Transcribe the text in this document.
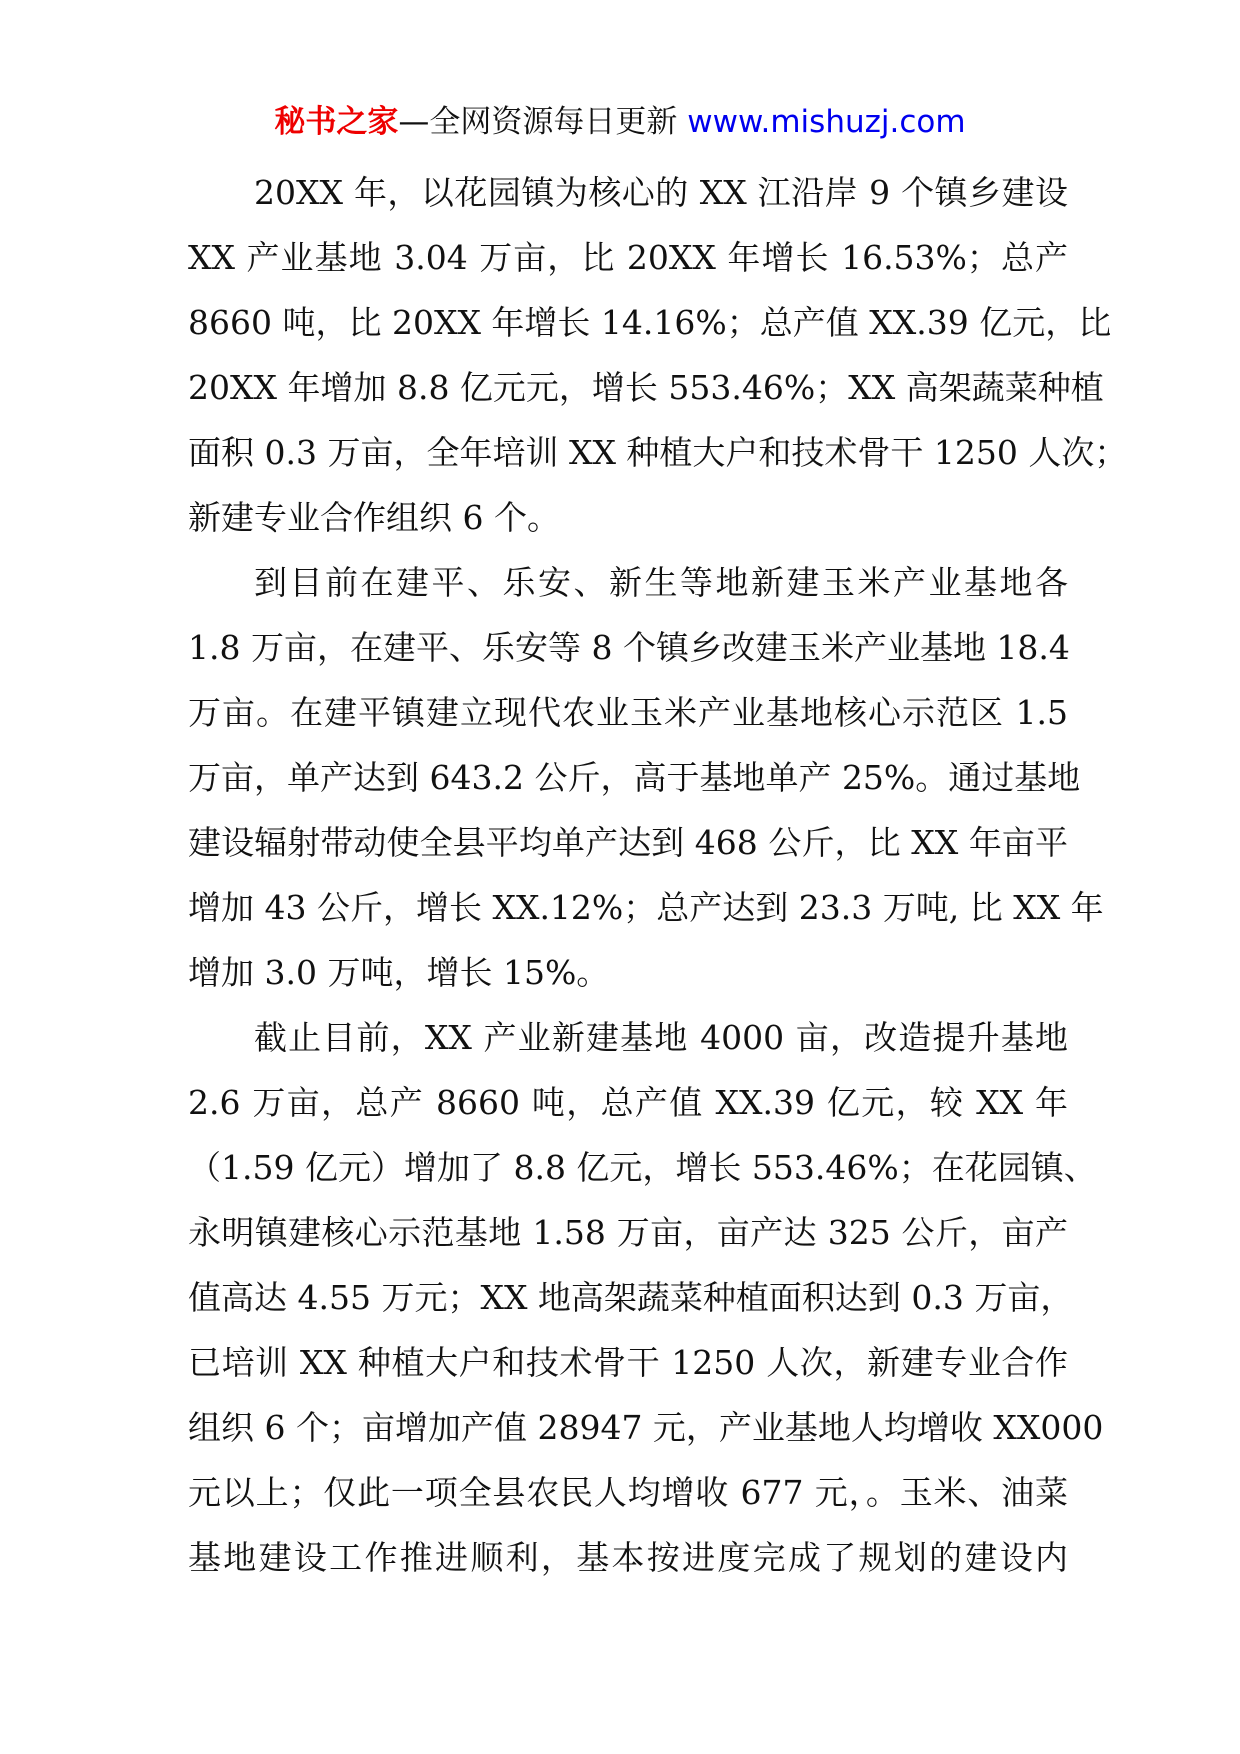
秘书之家—全网资源每日更新 www.mishuzj.com
20XX 年，以花园镇为核心的 XX 江沿岸 9 个镇乡建设
XX 产业基地 3.04 万亩，比 20XX 年增长 16.53%；总产
8660 吨，比 20XX 年增长 14.16%；总产值 XX.39 亿元，比
20XX 年增加 8.8 亿元元，增长 553.46%；XX 高架蔬菜种植
面积 0.3 万亩，全年培训 XX 种植大户和技术骨干 1250 人次；
新建专业合作组织 6 个。
到目前在建平、乐安、新生等地新建玉米产业基地各
1.8 万亩，在建平、乐安等 8 个镇乡改建玉米产业基地 18.4
万亩。在建平镇建立现代农业玉米产业基地核心示范区 1.5
万亩，单产达到 643.2 公斤，高于基地单产 25%。通过基地
建设辐射带动使全县平均单产达到 468 公斤，比 XX 年亩平
增加 43 公斤，增长 XX.12%；总产达到 23.3 万吨, 比 XX 年
增加 3.0 万吨，增长 15%。
截止目前，XX 产业新建基地 4000 亩，改造提升基地
2.6 万亩，总产 8660 吨，总产值 XX.39 亿元，较 XX 年
（1.59 亿元）增加了 8.8 亿元，增长 553.46%；在花园镇、
永明镇建核心示范基地 1.58 万亩，亩产达 325 公斤，亩产
值高达 4.55 万元；XX 地高架蔬菜种植面积达到 0.3 万亩，
已培训 XX 种植大户和技术骨干 1250 人次，新建专业合作
组织 6 个；亩增加产值 28947 元，产业基地人均增收 XX000
元以上；仅此一项全县农民人均增收 677 元，。玉米、油菜
基地建设工作推进顺利，基本按进度完成了规划的建设内
